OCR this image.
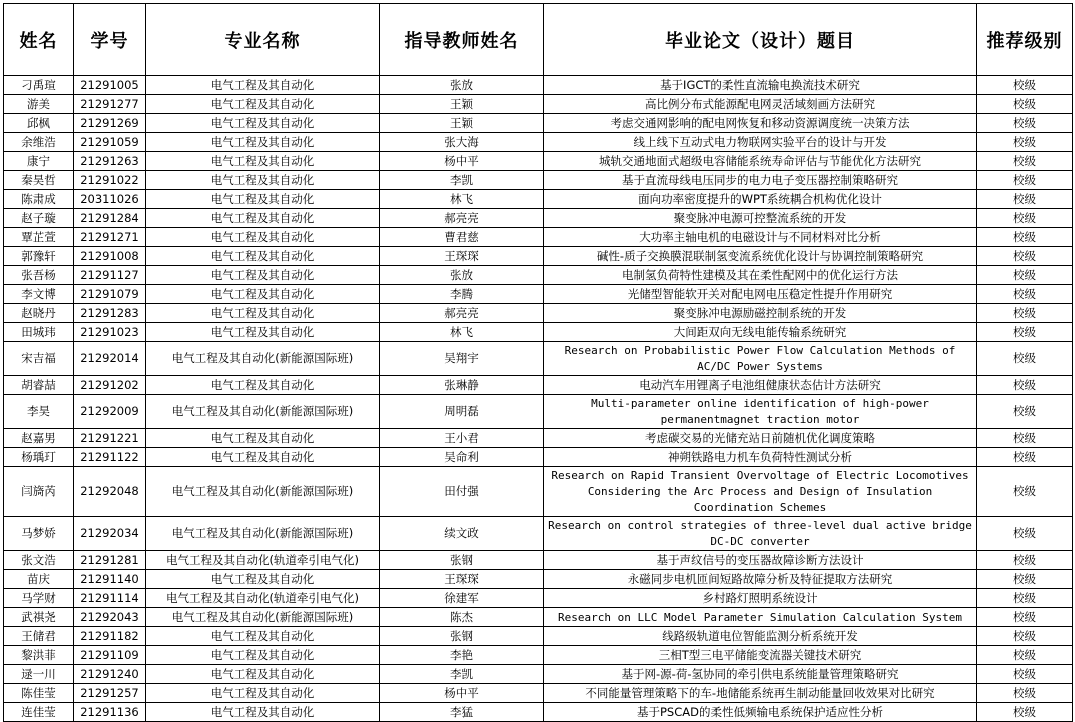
姓名	学号	专业名称	指导教师姓名	毕业论文（设计）题目	推荐级别
刁禹瑄	21291005	电气工程及其自动化	张放	基于IGCT的柔性直流输电换流技术研究	校级
游美	21291277	电气工程及其自动化	王颖	高比例分布式能源配电网灵活域刻画方法研究	校级
邱枫	21291269	电气工程及其自动化	王颖	考虑交通网影响的配电网恢复和移动资源调度统一决策方法	校级
余维浩	21291059	电气工程及其自动化	张大海	线上线下互动式电力物联网实验平台的设计与开发	校级
康宁	21291263	电气工程及其自动化	杨中平	城轨交通地面式超级电容储能系统寿命评估与节能优化方法研究	校级
秦昊哲	21291022	电气工程及其自动化	李凯	基于直流母线电压同步的电力电子变压器控制策略研究	校级
陈肃成	20311026	电气工程及其自动化	林飞	面向功率密度提升的WPT系统耦合机构优化设计	校级
赵子璇	21291284	电气工程及其自动化	郝亮亮	聚变脉冲电源可控整流系统的开发	校级
覃芷萱	21291271	电气工程及其自动化	曹君慈	大功率主轴电机的电磁设计与不同材料对比分析	校级
郭豫轩	21291008	电气工程及其自动化	王琛琛	碱性-质子交换膜混联制氢变流系统优化设计与协调控制策略研究	校级
张吾杨	21291127	电气工程及其自动化	张放	电制氢负荷特性建模及其在柔性配网中的优化运行方法	校级
李文博	21291079	电气工程及其自动化	李腾	光储型智能软开关对配电网电压稳定性提升作用研究	校级
赵晓丹	21291283	电气工程及其自动化	郝亮亮	聚变脉冲电源励磁控制系统的开发	校级
田城玮	21291023	电气工程及其自动化	林飞	大间距双向无线电能传输系统研究	校级
宋吉福	21292014	电气工程及其自动化(新能源国际班)	吴翔宇	Research on Probabilistic Power Flow Calculation Methods of AC/DC Power Systems	校级
胡睿喆	21291202	电气工程及其自动化	张琳静	电动汽车用锂离子电池组健康状态估计方法研究	校级
李昊	21292009	电气工程及其自动化(新能源国际班)	周明磊	Multi-parameter online identification of high-power permanentmagnet traction motor	校级
赵嘉男	21291221	电气工程及其自动化	王小君	考虑碳交易的光储充站日前随机优化调度策略	校级
杨瑀玎	21291122	电气工程及其自动化	吴命利	神朔铁路电力机车负荷特性测试分析	校级
闫旖芮	21292048	电气工程及其自动化(新能源国际班)	田付强	Research on Rapid Transient Overvoltage of Electric Locomotives Considering the Arc Process and Design of Insulation Coordination Schemes	校级
马梦娇	21292034	电气工程及其自动化(新能源国际班)	续文政	Research on control strategies of three-level dual active bridge DC-DC converter	校级
张文浩	21291281	电气工程及其自动化(轨道牵引电气化)	张钢	基于声纹信号的变压器故障诊断方法设计	校级
苗庆	21291140	电气工程及其自动化	王琛琛	永磁同步电机匝间短路故障分析及特征提取方法研究	校级
马学财	21291114	电气工程及其自动化(轨道牵引电气化)	徐建军	乡村路灯照明系统设计	校级
武祺尧	21292043	电气工程及其自动化(新能源国际班)	陈杰	Research on LLC Model Parameter Simulation Calculation System	校级
王储君	21291182	电气工程及其自动化	张钢	线路级轨道电位智能监测分析系统开发	校级
黎洪菲	21291109	电气工程及其自动化	李艳	三相T型三电平储能变流器关键技术研究	校级
逯一川	21291240	电气工程及其自动化	李凯	基于网-源-荷-氢协同的牵引供电系统能量管理策略研究	校级
陈佳莹	21291257	电气工程及其自动化	杨中平	不同能量管理策略下的车-地储能系统再生制动能量回收效果对比研究	校级
连佳莹	21291136	电气工程及其自动化	李猛	基于PSCAD的柔性低频输电系统保护适应性分析	校级
